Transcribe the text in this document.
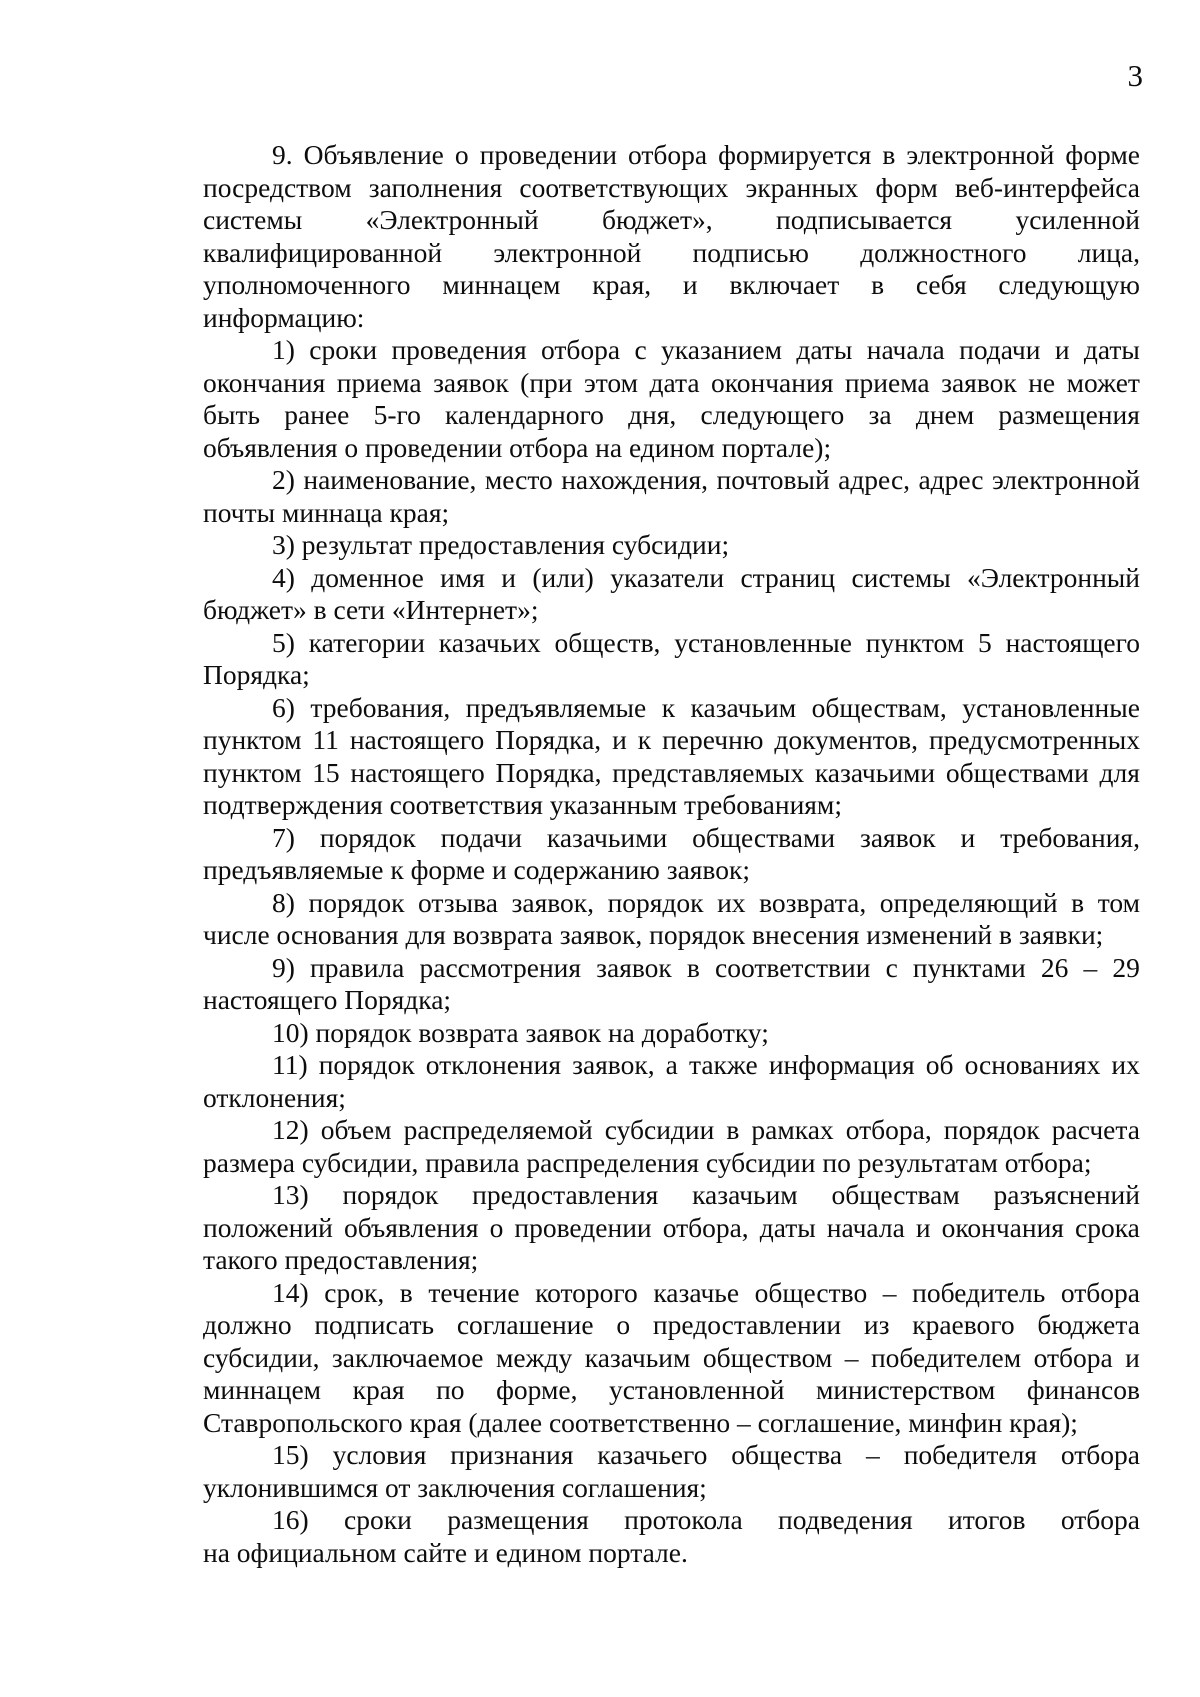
3
9. Объявление о проведении отбора формируется в электронной форме
посредством заполнения соответствующих экранных форм веб-интерфейса
системы «Электронный бюджет», подписывается усиленной
квалифицированной электронной подписью должностного лица,
уполномоченного миннацем края, и включает в себя следующую
информацию:
1) сроки проведения отбора с указанием даты начала подачи и даты
окончания приема заявок (при этом дата окончания приема заявок не может
быть ранее 5-го календарного дня, следующего за днем размещения
объявления о проведении отбора на едином портале);
2) наименование, место нахождения, почтовый адрес, адрес электронной
почты миннаца края;
3) результат предоставления субсидии;
4) доменное имя и (или) указатели страниц системы «Электронный
бюджет» в сети «Интернет»;
5) категории казачьих обществ, установленные пунктом 5 настоящего
Порядка;
6) требования, предъявляемые к казачьим обществам, установленные
пунктом 11 настоящего Порядка, и к перечню документов, предусмотренных
пунктом 15 настоящего Порядка, представляемых казачьими обществами для
подтверждения соответствия указанным требованиям;
7) порядок подачи казачьими обществами заявок и требования,
предъявляемые к форме и содержанию заявок;
8) порядок отзыва заявок, порядок их возврата, определяющий в том
числе основания для возврата заявок, порядок внесения изменений в заявки;
9) правила рассмотрения заявок в соответствии с пунктами 26 – 29
настоящего Порядка;
10) порядок возврата заявок на доработку;
11) порядок отклонения заявок, а также информация об основаниях их
отклонения;
12) объем распределяемой субсидии в рамках отбора, порядок расчета
размера субсидии, правила распределения субсидии по результатам отбора;
13) порядок предоставления казачьим обществам разъяснений
положений объявления о проведении отбора, даты начала и окончания срока
такого предоставления;
14) срок, в течение которого казачье общество – победитель отбора
должно подписать соглашение о предоставлении из краевого бюджета
субсидии, заключаемое между казачьим обществом – победителем отбора и
миннацем края по форме, установленной министерством финансов
Ставропольского края (далее соответственно – соглашение, минфин края);
15) условия признания казачьего общества – победителя отбора
уклонившимся от заключения соглашения;
16) сроки размещения протокола подведения итогов отбора
на официальном сайте и едином портале.
